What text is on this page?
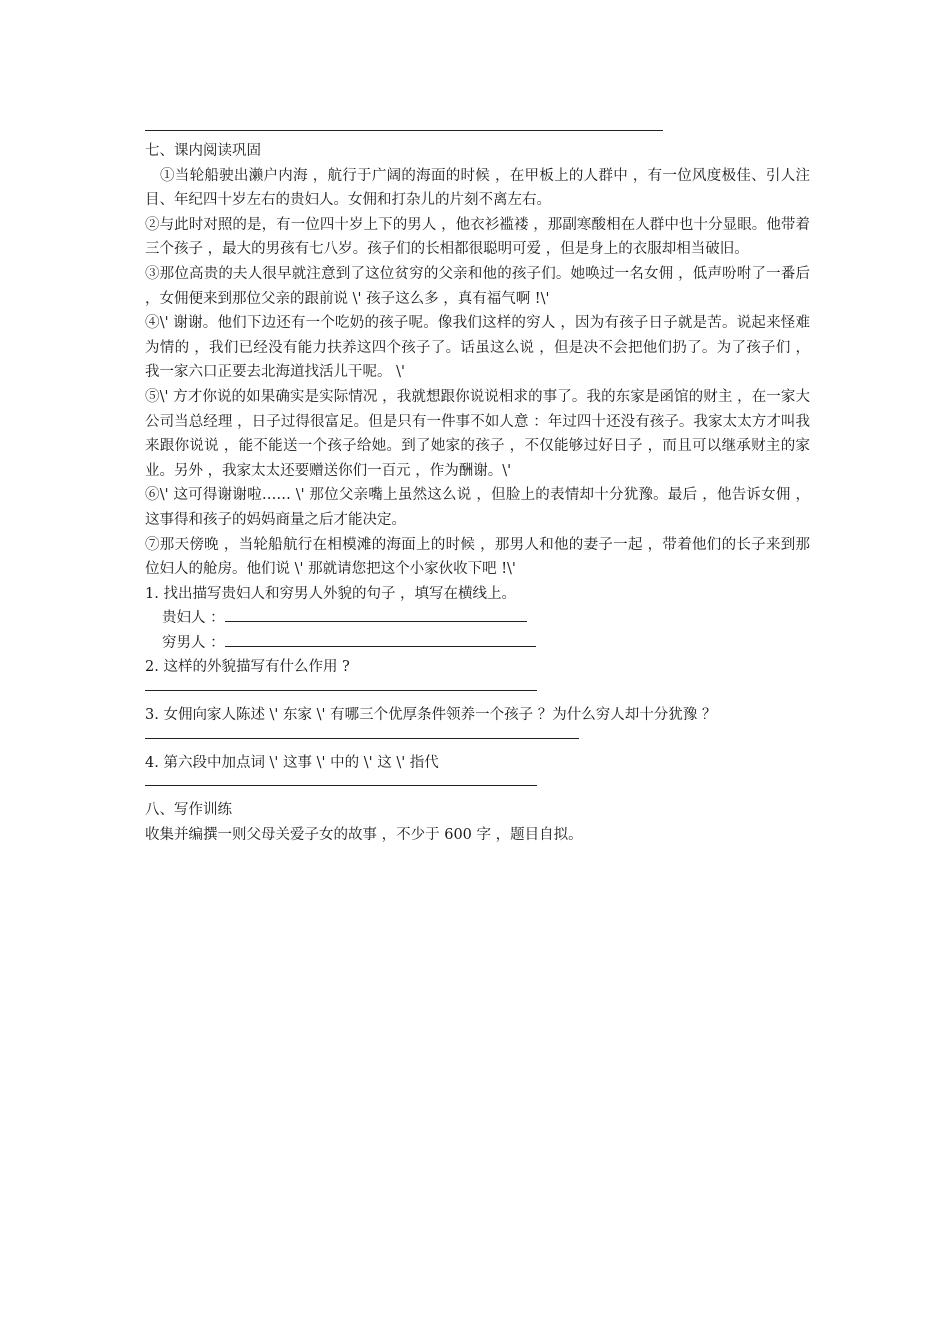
七、课内阅读巩固
①当轮船驶出濑户内海 ，航行于广阔的海面的时候 ，在甲板上的人群中 ，有一位风度极佳、引人注目、年纪四十岁左右的贵妇人。女佣和打杂儿的片刻不离左右。
②与此时对照的是，有一位四十岁上下的男人 ，他衣衫褴褛 ，那副寒酸相在人群中也十分显眼。他带着三个孩子 ，最大的男孩有七八岁。孩子们的长相都很聪明可爱 ，但是身上的衣服却相当破旧。
③那位高贵的夫人很早就注意到了这位贫穷的父亲和他的孩子们。她唤过一名女佣 ，低声吩咐了一番后 ，女佣便来到那位父亲的跟前说 \' 孩子这么多 ，真有福气啊 !\'
④\' 谢谢。他们下边还有一个吃奶的孩子呢。像我们这样的穷人 ，因为有孩子日子就是苦。说起来怪难为情的 ，我们已经没有能力扶养这四个孩子了。话虽这么说 ，但是决不会把他们扔了。为了孩子们 ，我一家六口正要去北海道找活儿干呢。 \'
⑤\' 方才你说的如果确实是实际情况 ，我就想跟你说说相求的事了。我的东家是函馆的财主 ，在一家大公司当总经理 ，日子过得很富足。但是只有一件事不如人意 ：年过四十还没有孩子。我家太太方才叫我来跟你说说 ，能不能送一个孩子给她。到了她家的孩子 ，不仅能够过好日子 ，而且可以继承财主的家业。另外 ，我家太太还要赠送你们一百元 ，作为酬谢。\'
⑥\' 这可得谢谢啦…… \' 那位父亲嘴上虽然这么说 ，但脸上的表情却十分犹豫。最后 ，他告诉女佣 ，这事得和孩子的妈妈商量之后才能决定。
⑦那天傍晚 ，当轮船航行在相模滩的海面上的时候 ，那男人和他的妻子一起 ，带着他们的长子来到那位妇人的舱房。他们说 \' 那就请您把这个小家伙收下吧 !\'
1. 找出描写贵妇人和穷男人外貌的句子 ，填写在横线上。
贵妇人 ：
穷男人 ：
2. 这样的外貌描写有什么作用 ?
3. 女佣向家人陈述 \' 东家 \' 有哪三个优厚条件领养一个孩子 ？为什么穷人却十分犹豫 ？
4. 第六段中加点词 \' 这事 \' 中的 \' 这 \' 指代
八、写作训练
收集并编撰一则父母关爱子女的故事 ，不少于 600 字 ，题目自拟。
